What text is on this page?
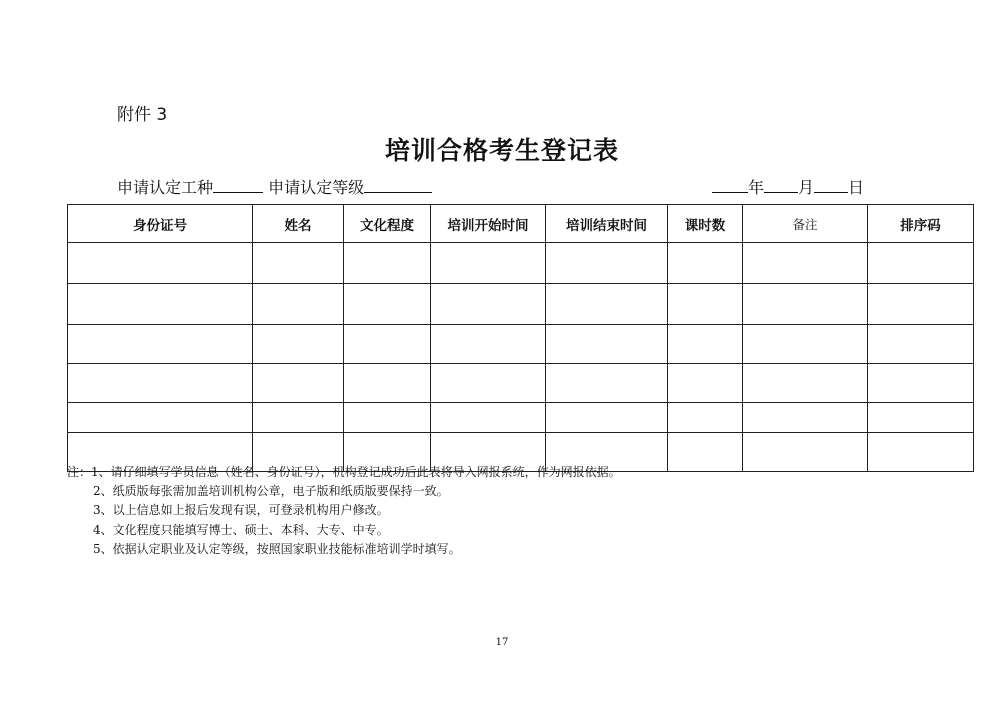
附件 3
培训合格考生登记表
申请认定工种	申请认定等级	年 月 日
身份证号	姓名	文化程度	培训开始时间	培训结束时间	课时数	备注	排序码

注：1、请仔细填写学员信息（姓名、身份证号），机构登记成功后此表将导入网报系统，作为网报依据。
2、纸质版每张需加盖培训机构公章，电子版和纸质版要保持一致。
3、以上信息如上报后发现有误，可登录机构用户修改。
4、文化程度只能填写博士、硕士、本科、大专、中专。
5、依据认定职业及认定等级，按照国家职业技能标准培训学时填写。
17
